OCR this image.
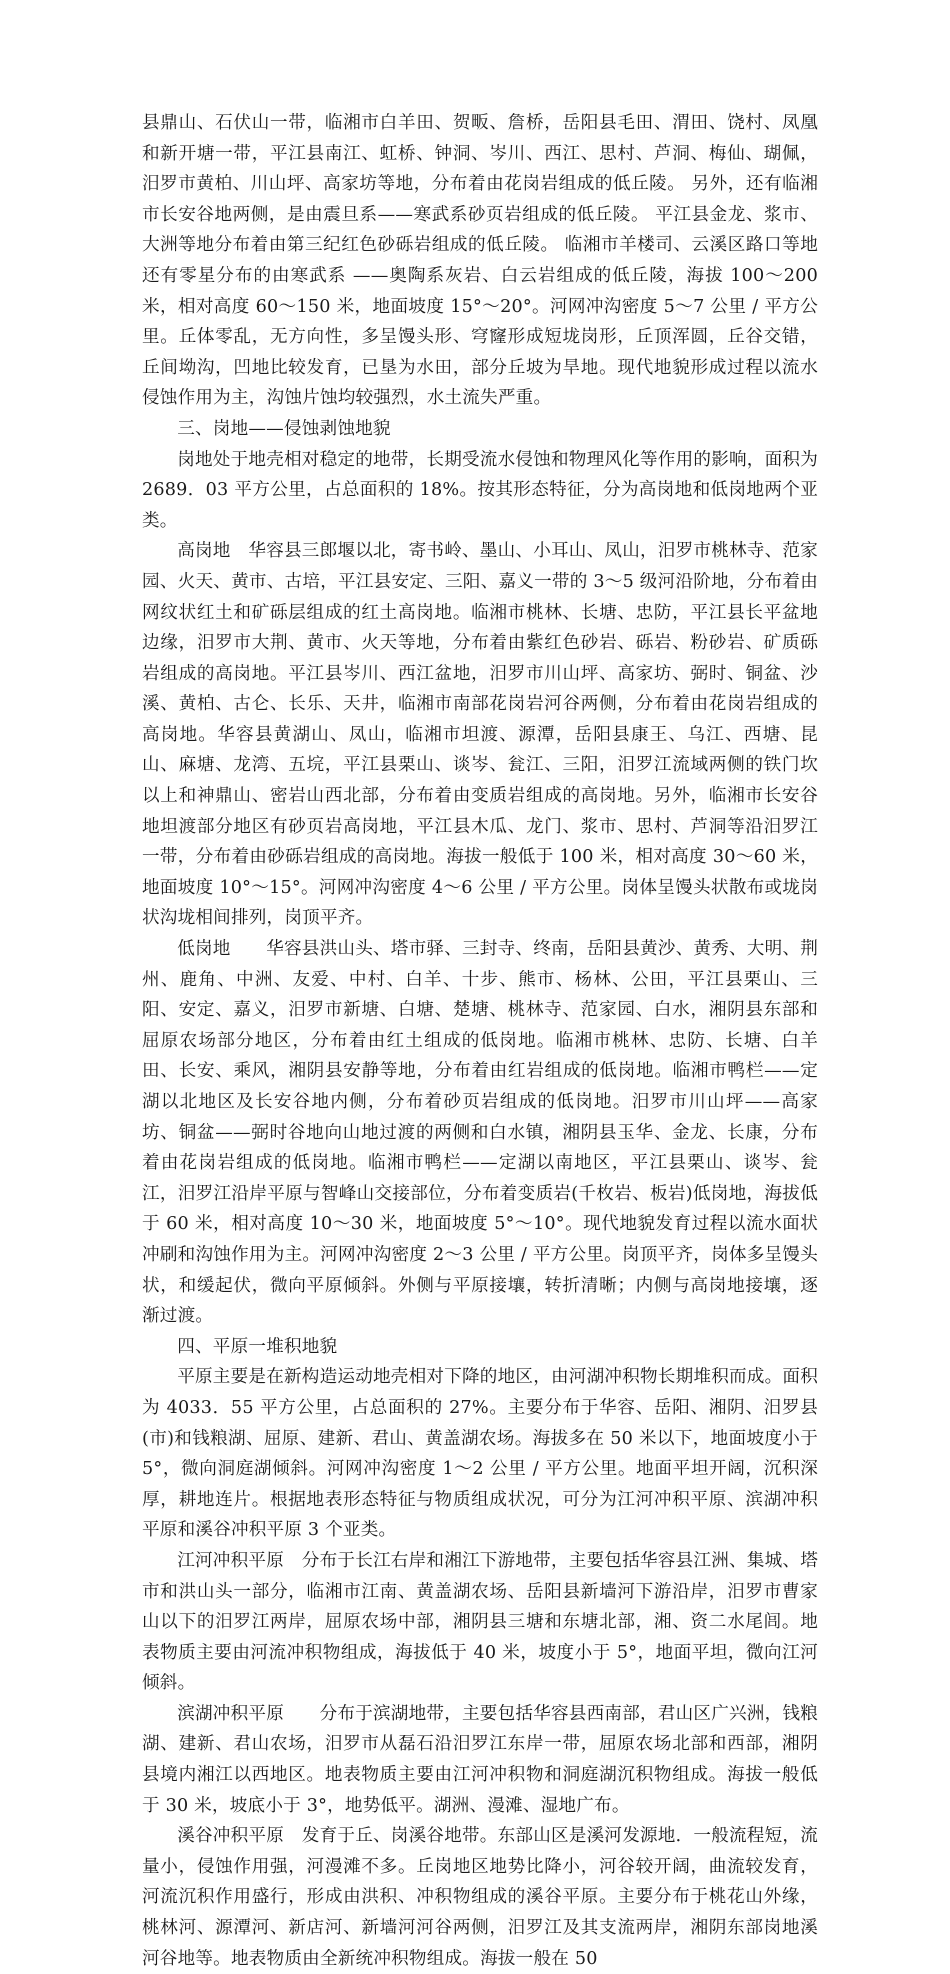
县鼎山、石伏山一带，临湘市白羊田、贺畈、詹桥，岳阳县毛田、渭田、饶村、凤凰和新开塘一带，平江县南江、虹桥、钟洞、岑川、西江、思村、芦洞、梅仙、瑚佩，汨罗市黄柏、川山坪、高家坊等地，分布着由花岗岩组成的低丘陵。 另外，还有临湘市长安谷地两侧，是由震旦系——寒武系砂页岩组成的低丘陵。 平江县金龙、浆市、大洲等地分布着由第三纪红色砂砾岩组成的低丘陵。 临湘市羊楼司、云溪区路口等地还有零星分布的由寒武系 ——奥陶系灰岩、白云岩组成的低丘陵，海拔 100～200 米，相对高度 60～150 米，地面坡度 15°～20°。河网冲沟密度 5～7 公里 / 平方公里。丘体零乱，无方向性，多呈馒头形、穹窿形成短垅岗形，丘顶浑圆，丘谷交错，丘间坳沟，凹地比较发育，已垦为水田，部分丘坡为旱地。现代地貌形成过程以流水侵蚀作用为主，沟蚀片蚀均较强烈，水土流失严重。

三、岗地——侵蚀剥蚀地貌

岗地处于地壳相对稳定的地带，长期受流水侵蚀和物理风化等作用的影响，面积为 2689．03 平方公里，占总面积的 18%。按其形态特征，分为高岗地和低岗地两个亚类。

高岗地　华容县三郎堰以北，寄书岭、墨山、小耳山、凤山，汨罗市桃林寺、范家园、火天、黄市、古培，平江县安定、三阳、嘉义一带的 3～5 级河沿阶地，分布着由网纹状红土和矿砾层组成的红土高岗地。临湘市桃林、长塘、忠防，平江县长平盆地边缘，汨罗市大荆、黄市、火天等地，分布着由紫红色砂岩、砾岩、粉砂岩、矿质砾岩组成的高岗地。平江县岑川、西江盆地，汨罗市川山坪、高家坊、弼时、铜盆、沙溪、黄柏、古仑、长乐、天井，临湘市南部花岗岩河谷两侧，分布着由花岗岩组成的高岗地。华容县黄湖山、凤山，临湘市坦渡、源潭，岳阳县康王、乌江、西塘、昆山、麻塘、龙湾、五垸，平江县栗山、谈岑、瓮江、三阳，汨罗江流域两侧的铁门坎以上和神鼎山、密岩山西北部，分布着由变质岩组成的高岗地。另外，临湘市长安谷地坦渡部分地区有砂页岩高岗地，平江县木瓜、龙门、浆市、思村、芦洞等沿汨罗江一带，分布着由砂砾岩组成的高岗地。海拔一般低于 100 米，相对高度 30～60 米，地面坡度 10°～15°。河网冲沟密度 4～6 公里 / 平方公里。岗体呈馒头状散布或垅岗状沟垅相间排列，岗顶平齐。

低岗地　　华容县洪山头、塔市驿、三封寺、终南，岳阳县黄沙、黄秀、大明、荆州、鹿角、中洲、友爱、中村、白羊、十步、熊市、杨林、公田，平江县栗山、三阳、安定、嘉义，汨罗市新塘、白塘、楚塘、桃林寺、范家园、白水，湘阴县东部和屈原农场部分地区，分布着由红土组成的低岗地。临湘市桃林、忠防、长塘、白羊田、长安、乘风，湘阴县安静等地，分布着由红岩组成的低岗地。临湘市鸭栏——定湖以北地区及长安谷地内侧，分布着砂页岩组成的低岗地。汨罗市川山坪——高家坊、铜盆——弼时谷地向山地过渡的两侧和白水镇，湘阴县玉华、金龙、长康，分布着由花岗岩组成的低岗地。临湘市鸭栏——定湖以南地区，平江县栗山、谈岑、瓮江，汨罗江沿岸平原与智峰山交接部位，分布着变质岩(千枚岩、板岩)低岗地，海拔低于 60 米，相对高度 10～30 米，地面坡度 5°～10°。现代地貌发育过程以流水面状冲刷和沟蚀作用为主。河网冲沟密度 2～3 公里 / 平方公里。岗顶平齐，岗体多呈馒头状，和缓起伏，微向平原倾斜。外侧与平原接壤，转折清晰；内侧与高岗地接壤，逐渐过渡。

四、平原一堆积地貌

平原主要是在新构造运动地壳相对下降的地区，由河湖冲积物长期堆积而成。面积为 4033．55 平方公里，占总面积的 27%。主要分布于华容、岳阳、湘阴、汨罗县(市)和钱粮湖、屈原、建新、君山、黄盖湖农场。海拔多在 50 米以下，地面坡度小于 5°，微向洞庭湖倾斜。河网冲沟密度 1～2 公里 / 平方公里。地面平坦开阔，沉积深厚，耕地连片。根据地表形态特征与物质组成状况，可分为江河冲积平原、滨湖冲积平原和溪谷冲积平原 3 个亚类。

江河冲积平原　分布于长江右岸和湘江下游地带，主要包括华容县江洲、集城、塔市和洪山头一部分，临湘市江南、黄盖湖农场、岳阳县新墙河下游沿岸，汨罗市曹家山以下的汨罗江两岸，屈原农场中部，湘阴县三塘和东塘北部，湘、资二水尾闾。地表物质主要由河流冲积物组成，海拔低于 40 米，坡度小于 5°，地面平坦，微向江河倾斜。

滨湖冲积平原　　分布于滨湖地带，主要包括华容县西南部，君山区广兴洲，钱粮湖、建新、君山农场，汨罗市从磊石沿汨罗江东岸一带，屈原农场北部和西部，湘阴县境内湘江以西地区。地表物质主要由江河冲积物和洞庭湖沉积物组成。海拔一般低于 30 米，坡底小于 3°，地势低平。湖洲、漫滩、湿地广布。

溪谷冲积平原　发育于丘、岗溪谷地带。东部山区是溪河发源地．一般流程短，流量小，侵蚀作用强，河漫滩不多。丘岗地区地势比降小，河谷较开阔，曲流较发育，河流沉积作用盛行，形成由洪积、冲积物组成的溪谷平原。主要分布于桃花山外缘，桃林河、源潭河、新店河、新墙河河谷两侧，汨罗江及其支流两岸，湘阴东部岗地溪河谷地等。地表物质由全新统冲积物组成。海拔一般在 50
